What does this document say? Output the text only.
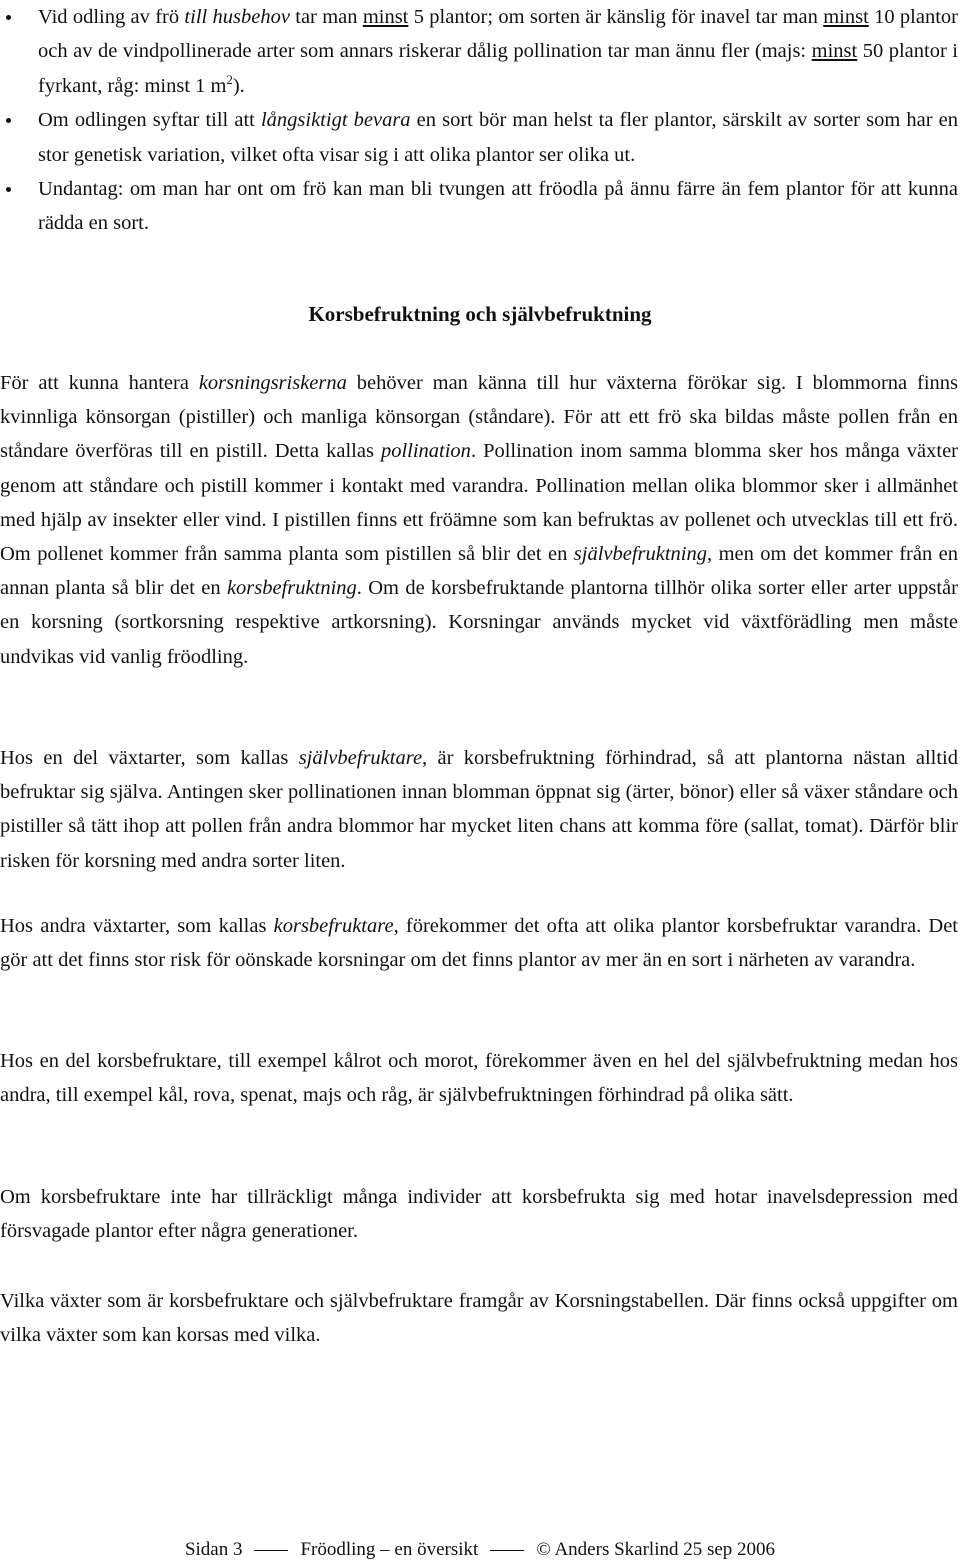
Vid odling av frö till husbehov tar man minst 5 plantor; om sorten är känslig för inavel tar man minst 10 plantor och av de vindpollinerade arter som annars riskerar dålig pollination tar man ännu fler (majs: minst 50 plantor i fyrkant, råg: minst 1 $m^2$).
Om odlingen syftar till att långsiktigt bevara en sort bör man helst ta fler plantor, särskilt av sorter som har en stor genetisk variation, vilket ofta visar sig i att olika plantor ser olika ut.
Undantag: om man har ont om frö kan man bli tvungen att fröodla på ännu färre än fem plantor för att kunna rädda en sort.
Korsbefruktning och självbefruktning

För att kunna hantera korsningsriskerna behöver man känna till hur växterna förökar sig. I blommorna finns kvinnliga könsorgan (pistiller) och manliga könsorgan (ståndare). För att ett frö ska bildas måste pollen från en ståndare överföras till en pistill. Detta kallas pollination. Pollination inom samma blomma sker hos många växter genom att ståndare och pistill kommer i kontakt med varandra. Pollination mellan olika blommor sker i allmänhet med hjälp av insekter eller vind. I pistillen finns ett fröämne som kan befruktas av pollenet och utvecklas till ett frö. Om pollenet kommer från samma planta som pistillen så blir det en självbefruktning, men om det kommer från en annan planta så blir det en korsbefruktning. Om de korsbefruktande plantorna tillhör olika sorter eller arter uppstår en korsning (sortkorsning respektive artkorsning). Korsningar används mycket vid växtförädling men måste undvikas vid vanlig fröodling.

Hos en del växtarter, som kallas självbefruktare, är korsbefruktning förhindrad, så att plantorna nästan alltid befruktar sig själva. Antingen sker pollinationen innan blomman öppnat sig (ärter, bönor) eller så växer ståndare och pistiller så tätt ihop att pollen från andra blommor har mycket liten chans att komma före (sallat, tomat). Därför blir risken för korsning med andra sorter liten.

Hos andra växtarter, som kallas korsbefruktare, förekommer det ofta att olika plantor korsbefruktar varandra. Det gör att det finns stor risk för oönskade korsningar om det finns plantor av mer än en sort i närheten av varandra.

Hos en del korsbefruktare, till exempel kålrot och morot, förekommer även en hel del självbefruktning medan hos andra, till exempel kål, rova, spenat, majs och råg, är självbefruktningen förhindrad på olika sätt.

Om korsbefruktare inte har tillräckligt många individer att korsbefrukta sig med hotar inavelsdepression med försvagade plantor efter några generationer.

Vilka växter som är korsbefruktare och självbefruktare framgår av Korsningstabellen. Där finns också uppgifter om vilka växter som kan korsas med vilka.

Sidan 3	Fröodling – en översikt	© Anders Skarlind 25 sep 2006
